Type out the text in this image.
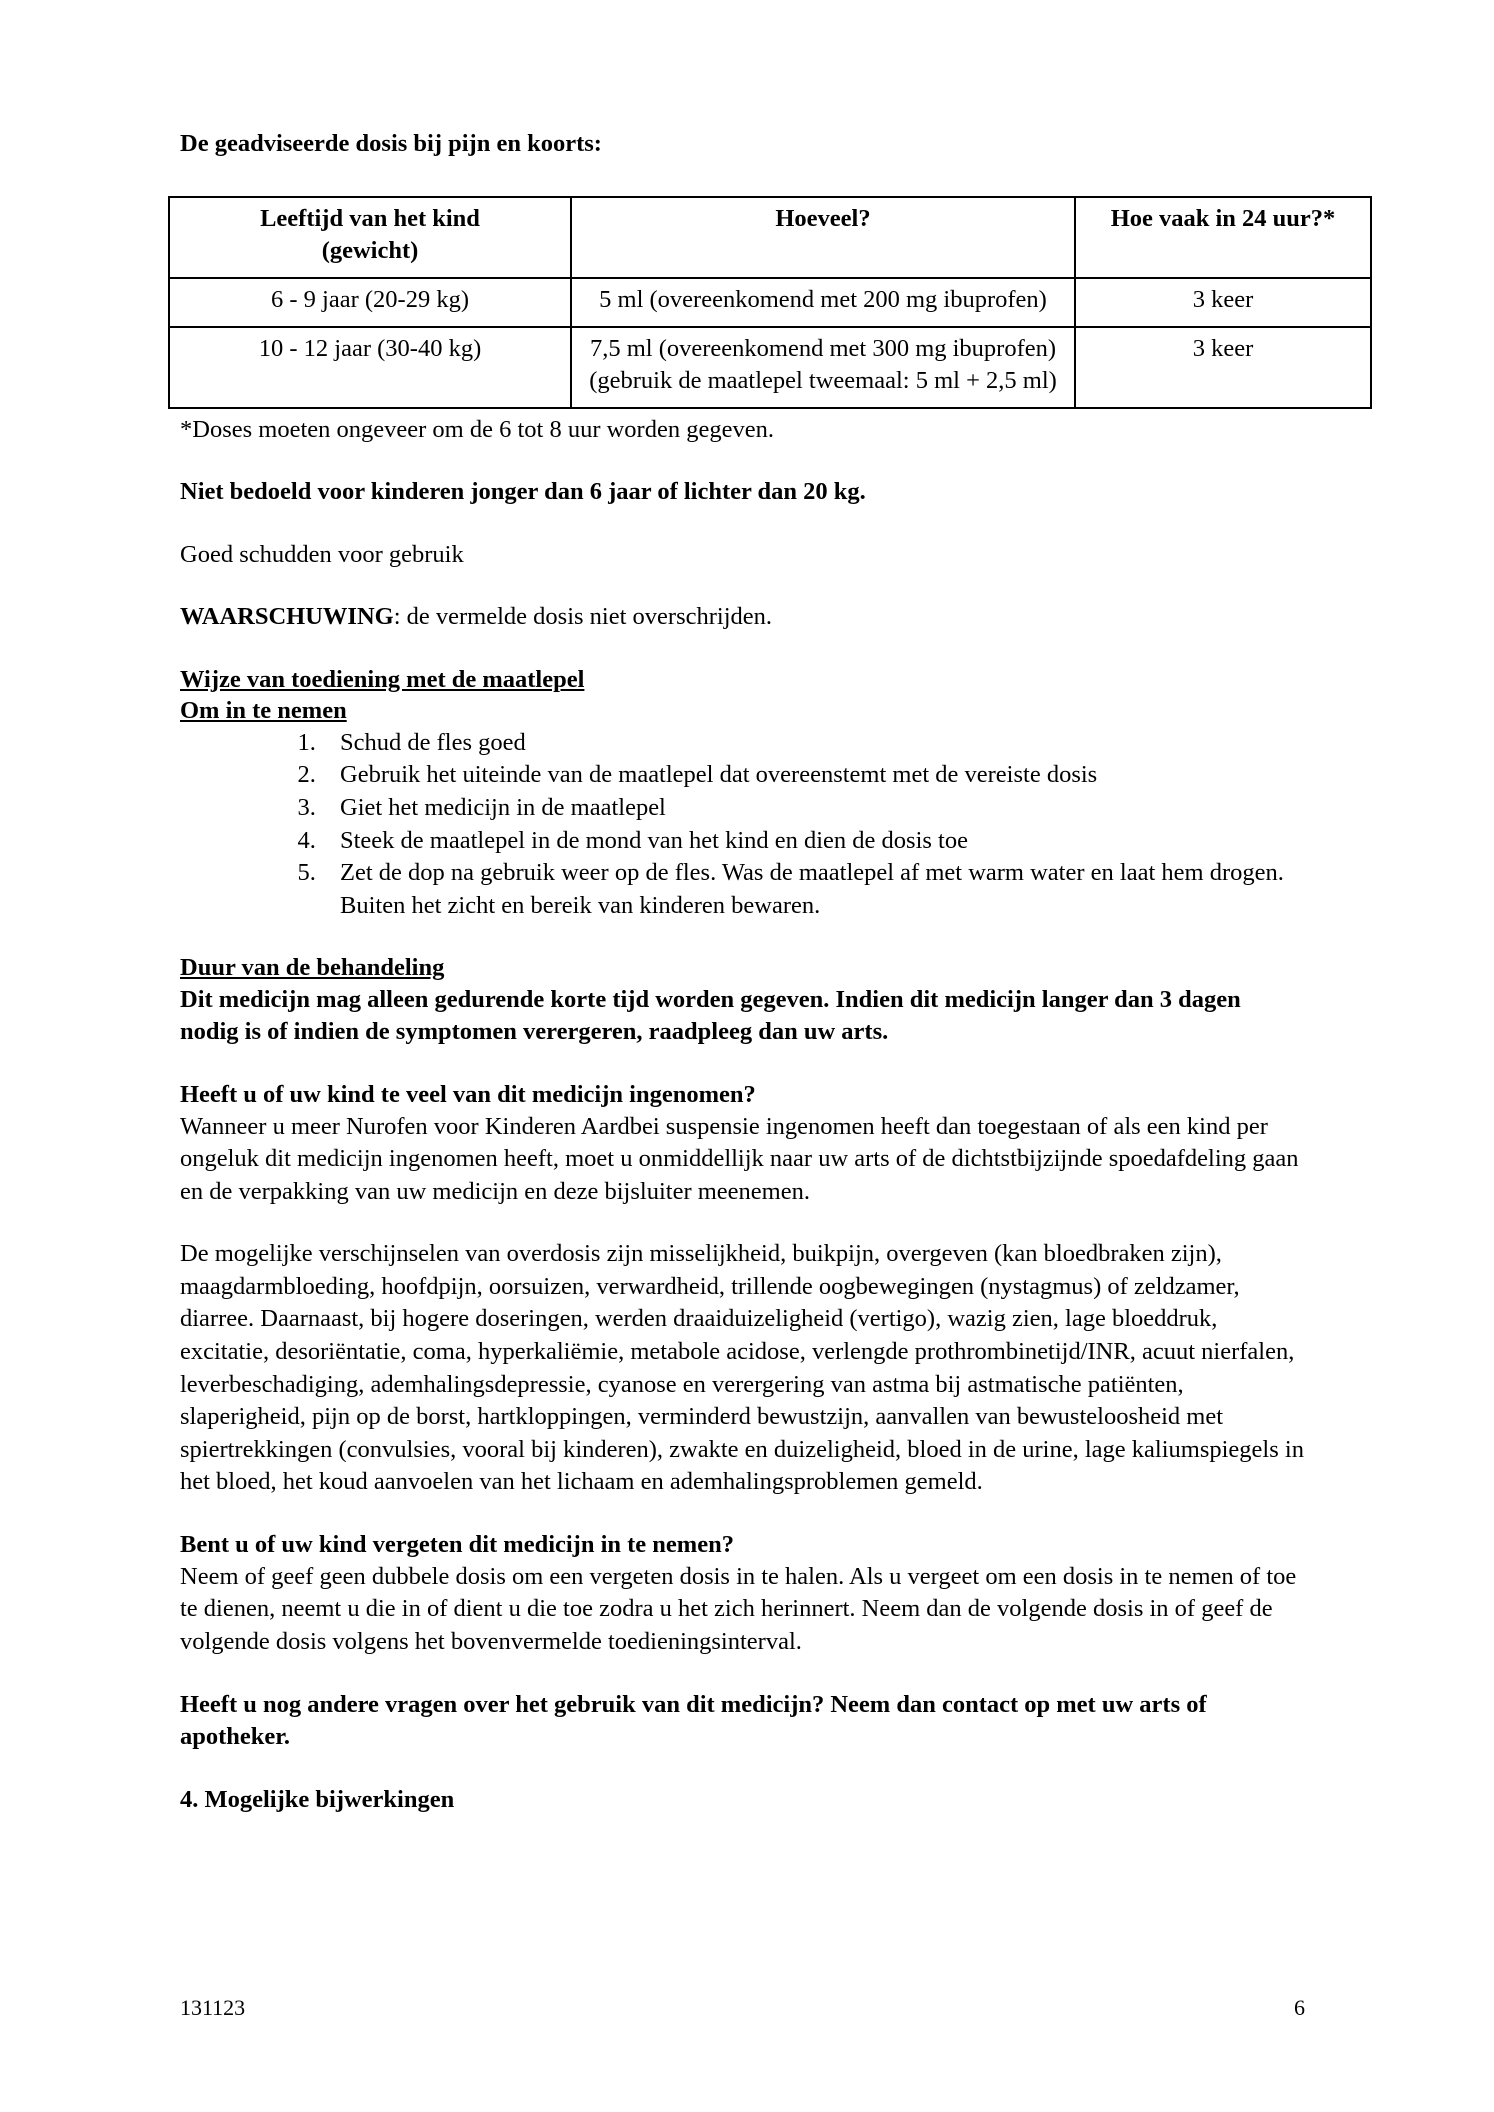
De geadviseerde dosis bij pijn en koorts:

Leeftijd van het kind
(gewicht)	Hoeveel?	Hoe vaak in 24 uur?*
6 - 9 jaar (20-29 kg)	5 ml (overeenkomend met 200 mg ibuprofen)	3 keer
10 - 12 jaar (30-40 kg)	7,5 ml (overeenkomend met 300 mg ibuprofen) (gebruik de maatlepel tweemaal: 5 ml + 2,5 ml)	3 keer

*Doses moeten ongeveer om de 6 tot 8 uur worden gegeven.

Niet bedoeld voor kinderen jonger dan 6 jaar of lichter dan 20 kg.

Goed schudden voor gebruik

WAARSCHUWING: de vermelde dosis niet overschrijden.

Wijze van toediening met de maatlepel
Om in te nemen
1. Schud de fles goed
2. Gebruik het uiteinde van de maatlepel dat overeenstemt met de vereiste dosis
3. Giet het medicijn in de maatlepel
4. Steek de maatlepel in de mond van het kind en dien de dosis toe
5. Zet de dop na gebruik weer op de fles. Was de maatlepel af met warm water en laat hem drogen. Buiten het zicht en bereik van kinderen bewaren.
Duur van de behandeling

Dit medicijn mag alleen gedurende korte tijd worden gegeven. Indien dit medicijn langer dan 3 dagen nodig is of indien de symptomen verergeren, raadpleeg dan uw arts.

Heeft u of uw kind te veel van dit medicijn ingenomen?

Wanneer u meer Nurofen voor Kinderen Aardbei suspensie ingenomen heeft dan toegestaan of als een kind per ongeluk dit medicijn ingenomen heeft, moet u onmiddellijk naar uw arts of de dichtstbijzijnde spoedafdeling gaan en de verpakking van uw medicijn en deze bijsluiter meenemen.

De mogelijke verschijnselen van overdosis zijn misselijkheid, buikpijn, overgeven (kan bloedbraken zijn), maagdarmbloeding, hoofdpijn, oorsuizen, verwardheid, trillende oogbewegingen (nystagmus) of zeldzamer, diarree. Daarnaast, bij hogere doseringen, werden draaiduizeligheid (vertigo), wazig zien, lage bloeddruk, excitatie, desoriëntatie, coma, hyperkaliëmie, metabole acidose, verlengde prothrombinetijd/INR, acuut nierfalen, leverbeschadiging, ademhalingsdepressie, cyanose en verergering van astma bij astmatische patiënten, slaperigheid, pijn op de borst, hartkloppingen, verminderd bewustzijn, aanvallen van bewusteloosheid met spiertrekkingen (convulsies, vooral bij kinderen), zwakte en duizeligheid, bloed in de urine, lage kaliumspiegels in het bloed, het koud aanvoelen van het lichaam en ademhalingsproblemen gemeld.

Bent u of uw kind vergeten dit medicijn in te nemen?

Neem of geef geen dubbele dosis om een vergeten dosis in te halen. Als u vergeet om een dosis in te nemen of toe te dienen, neemt u die in of dient u die toe zodra u het zich herinnert. Neem dan de volgende dosis in of geef de volgende dosis volgens het bovenvermelde toedieningsinterval.

Heeft u nog andere vragen over het gebruik van dit medicijn? Neem dan contact op met uw arts of apotheker.

4. Mogelijke bijwerkingen

131123	6
